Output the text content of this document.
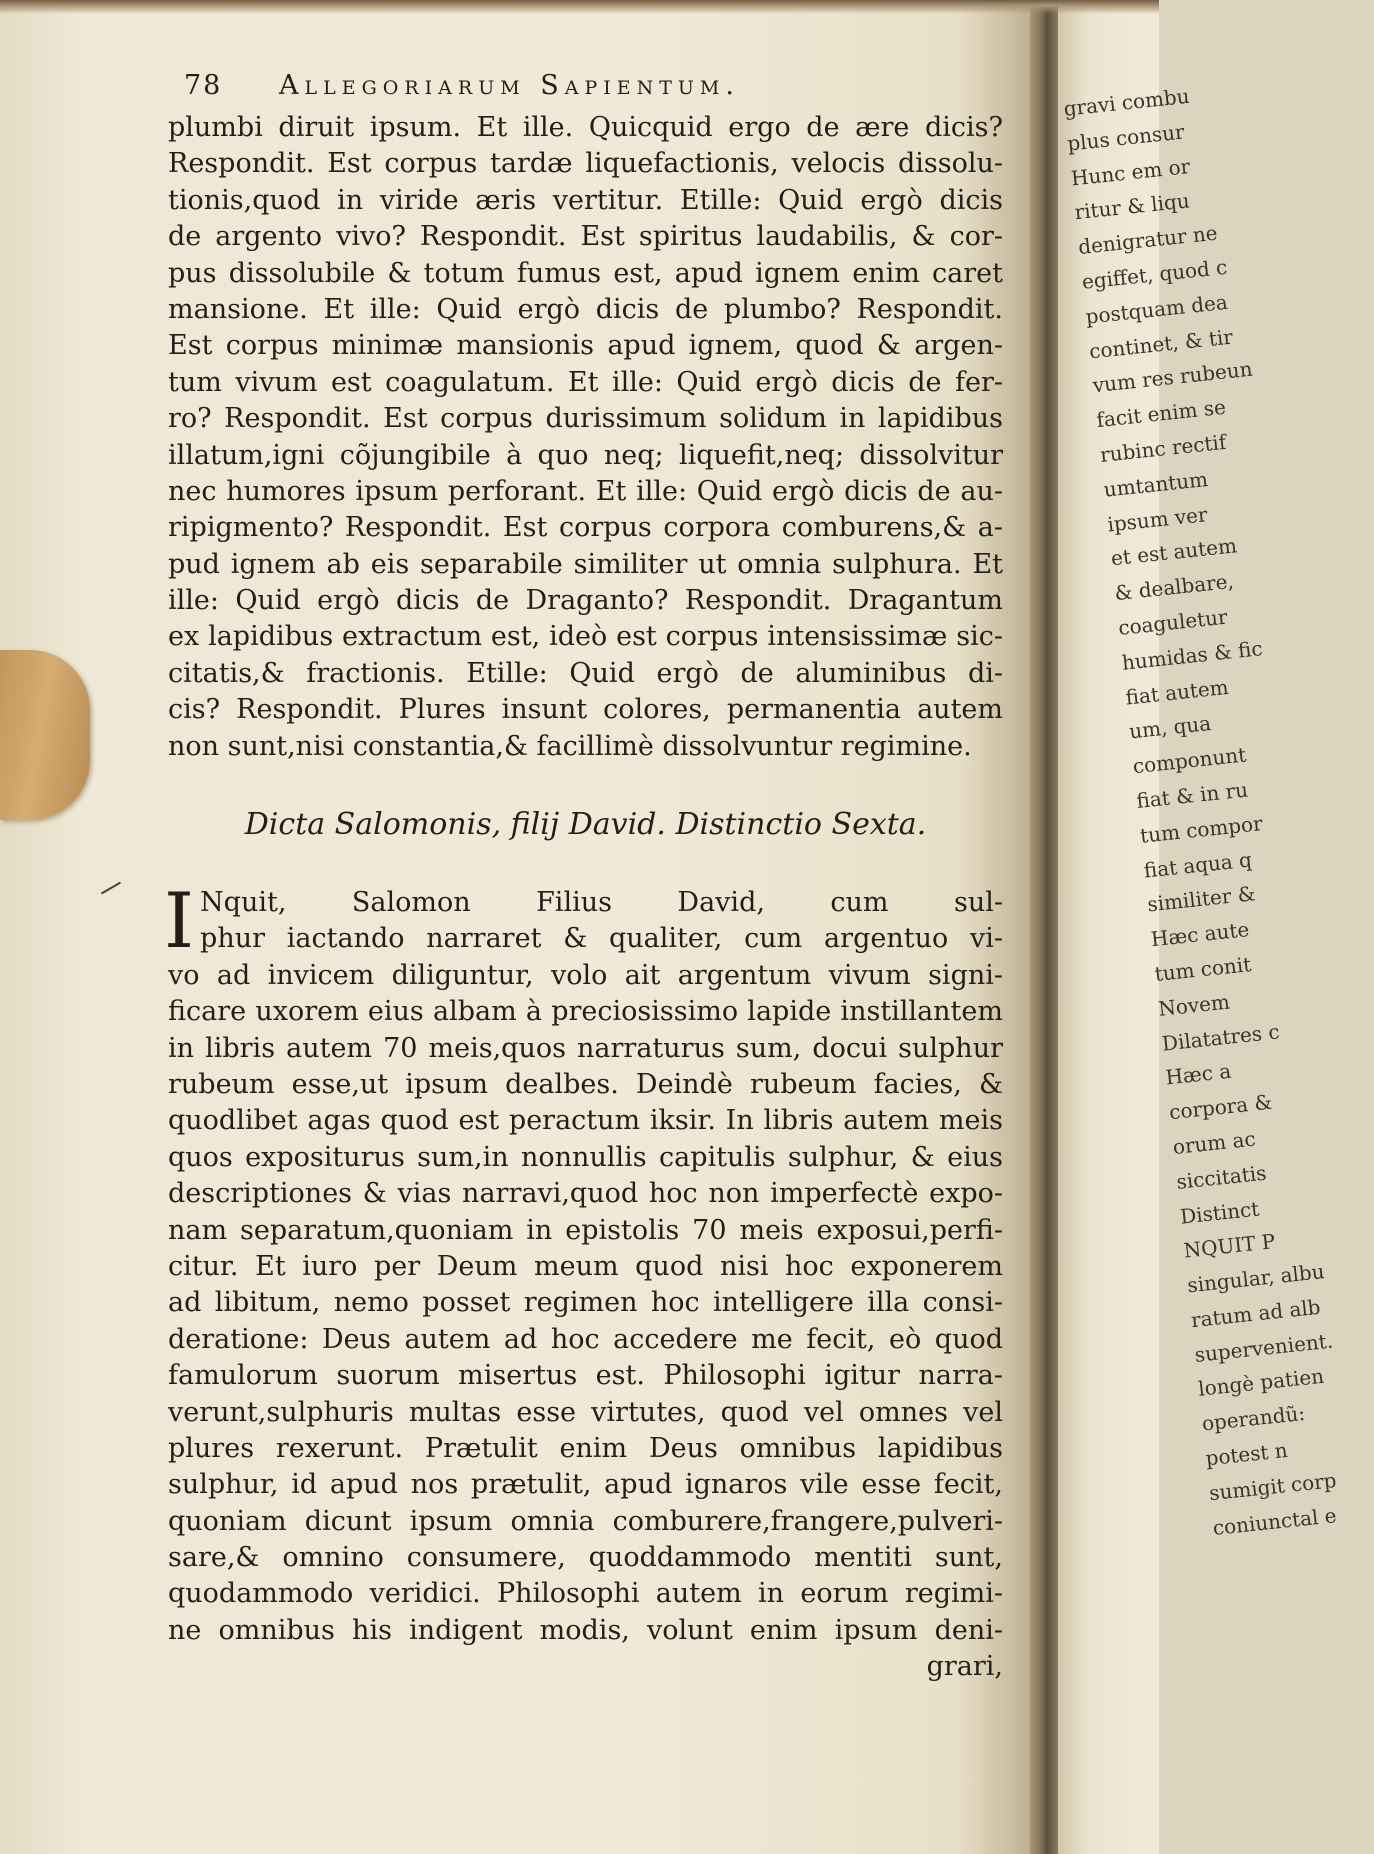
gravi combu
plus consur
Hunc em or
ritur & liqu
denigratur ne
egiffet, quod c
postquam dea
continet, & tir
vum res rubeun
facit enim se
rubinc rectif
umtantum
ipsum ver
et est autem
& dealbare,
coaguletur
humidas & fic
fiat autem
um, qua
componunt
fiat & in ru
tum compor
fiat aqua q
similiter &
Hæc aute
tum conit
Novem
Dilatatres c
Hæc a
corpora &
orum ac
siccitatis
Distinct
NQUIT P
singular, albu
ratum ad alb
supervenient.
longè patien
operandũ:
potest n
sumigit corp
coniunctal e
78	Allegoriarum Sapientum.
plumbi diruit ipsum. Et ille. Quicquid ergo de ære dicis?
Respondit. Est corpus tardæ liquefactionis, velocis dissolu-
tionis,quod in viride æris vertitur. Etille: Quid ergò dicis
de argento vivo? Respondit. Est spiritus laudabilis, & cor-
pus dissolubile & totum fumus est, apud ignem enim caret
mansione. Et ille: Quid ergò dicis de plumbo? Respondit.
Est corpus minimæ mansionis apud ignem, quod & argen-
tum vivum est coagulatum. Et ille: Quid ergò dicis de fer-
ro? Respondit. Est corpus durissimum solidum in lapidibus
illatum,igni cõjungibile à quo neq; liquefit,neq; dissolvitur
nec humores ipsum perforant. Et ille: Quid ergò dicis de au-
ripigmento? Respondit. Est corpus corpora comburens,& a-
pud ignem ab eis separabile similiter ut omnia sulphura. Et
ille: Quid ergò dicis de Draganto? Respondit. Dragantum
ex lapidibus extractum est, ideò est corpus intensissimæ sic-
citatis,& fractionis. Etille: Quid ergò de aluminibus di-
cis? Respondit. Plures insunt colores, permanentia autem
non sunt,nisi constantia,& facillimè dissolvuntur regimine.
Dicta Salomonis, filij David. Distinctio Sexta.
I Nquit, Salomon Filius David, cum sul-
phur iactando narraret & qualiter, cum argentuo vi-
vo ad invicem diliguntur, volo ait argentum vivum signi-
ficare uxorem eius albam à preciosissimo lapide instillantem
in libris autem 70 meis,quos narraturus sum, docui sulphur
rubeum esse,ut ipsum dealbes. Deindè rubeum facies, &
quodlibet agas quod est peractum iksir. In libris autem meis
quos expositurus sum,in nonnullis capitulis sulphur, & eius
descriptiones & vias narravi,quod hoc non imperfectè expo-
nam separatum,quoniam in epistolis 70 meis exposui,perfi-
citur. Et iuro per Deum meum quod nisi hoc exponerem
ad libitum, nemo posset regimen hoc intelligere illa consi-
deratione: Deus autem ad hoc accedere me fecit, eò quod
famulorum suorum misertus est. Philosophi igitur narra-
verunt,sulphuris multas esse virtutes, quod vel omnes vel
plures rexerunt. Prætulit enim Deus omnibus lapidibus
sulphur, id apud nos prætulit, apud ignaros vile esse fecit,
quoniam dicunt ipsum omnia comburere,frangere,pulveri-
sare,& omnino consumere, quoddammodo mentiti sunt,
quodammodo veridici. Philosophi autem in eorum regimi-
ne omnibus his indigent modis, volunt enim ipsum deni-
grari,
